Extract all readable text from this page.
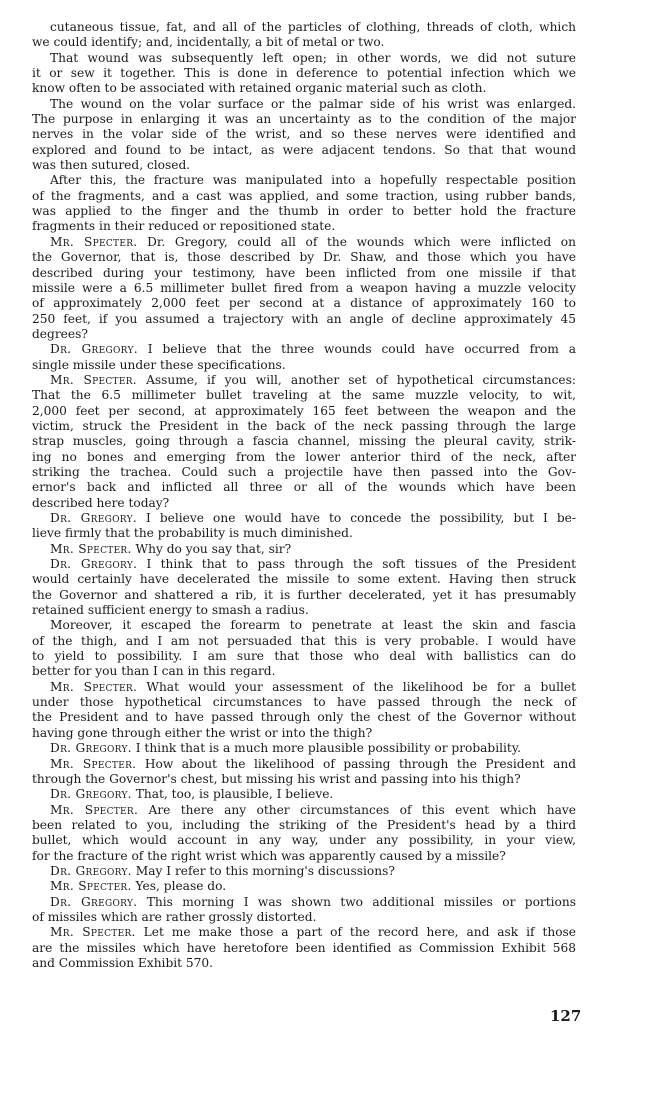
cutaneous tissue, fat, and all of the particles of clothing, threads of cloth, which
we could identify; and, incidentally, a bit of metal or two.
That wound was subsequently left open; in other words, we did not suture
it or sew it together. This is done in deference to potential infection which we
know often to be associated with retained organic material such as cloth.
The wound on the volar surface or the palmar side of his wrist was enlarged.
The purpose in enlarging it was an uncertainty as to the condition of the major
nerves in the volar side of the wrist, and so these nerves were identified and
explored and found to be intact, as were adjacent tendons. So that that wound
was then sutured, closed.
After this, the fracture was manipulated into a hopefully respectable position
of the fragments, and a cast was applied, and some traction, using rubber bands,
was applied to the finger and the thumb in order to better hold the fracture
fragments in their reduced or repositioned state.
Mr. Specter. Dr. Gregory, could all of the wounds which were inflicted on
the Governor, that is, those described by Dr. Shaw, and those which you have
described during your testimony, have been inflicted from one missile if that
missile were a 6.5 millimeter bullet fired from a weapon having a muzzle velocity
of approximately 2,000 feet per second at a distance of approximately 160 to
250 feet, if you assumed a trajectory with an angle of decline approximately 45
degrees?
Dr. Gregory. I believe that the three wounds could have occurred from a
single missile under these specifications.
Mr. Specter. Assume, if you will, another set of hypothetical circumstances:
That the 6.5 millimeter bullet traveling at the same muzzle velocity, to wit,
2,000 feet per second, at approximately 165 feet between the weapon and the
victim, struck the President in the back of the neck passing through the large
strap muscles, going through a fascia channel, missing the pleural cavity, strik-
ing no bones and emerging from the lower anterior third of the neck, after
striking the trachea. Could such a projectile have then passed into the Gov-
ernor's back and inflicted all three or all of the wounds which have been
described here today?
Dr. Gregory. I believe one would have to concede the possibility, but I be-
lieve firmly that the probability is much diminished.
Mr. Specter. Why do you say that, sir?
Dr. Gregory. I think that to pass through the soft tissues of the President
would certainly have decelerated the missile to some extent. Having then struck
the Governor and shattered a rib, it is further decelerated, yet it has presumably
retained sufficient energy to smash a radius.
Moreover, it escaped the forearm to penetrate at least the skin and fascia
of the thigh, and I am not persuaded that this is very probable. I would have
to yield to possibility. I am sure that those who deal with ballistics can do
better for you than I can in this regard.
Mr. Specter. What would your assessment of the likelihood be for a bullet
under those hypothetical circumstances to have passed through the neck of
the President and to have passed through only the chest of the Governor without
having gone through either the wrist or into the thigh?
Dr. Gregory. I think that is a much more plausible possibility or probability.
Mr. Specter. How about the likelihood of passing through the President and
through the Governor's chest, but missing his wrist and passing into his thigh?
Dr. Gregory. That, too, is plausible, I believe.
Mr. Specter. Are there any other circumstances of this event which have
been related to you, including the striking of the President's head by a third
bullet, which would account in any way, under any possibility, in your view,
for the fracture of the right wrist which was apparently caused by a missile?
Dr. Gregory. May I refer to this morning's discussions?
Mr. Specter. Yes, please do.
Dr. Gregory. This morning I was shown two additional missiles or portions
of missiles which are rather grossly distorted.
Mr. Specter. Let me make those a part of the record here, and ask if those
are the missiles which have heretofore been identified as Commission Exhibit 568
and Commission Exhibit 570.
127
